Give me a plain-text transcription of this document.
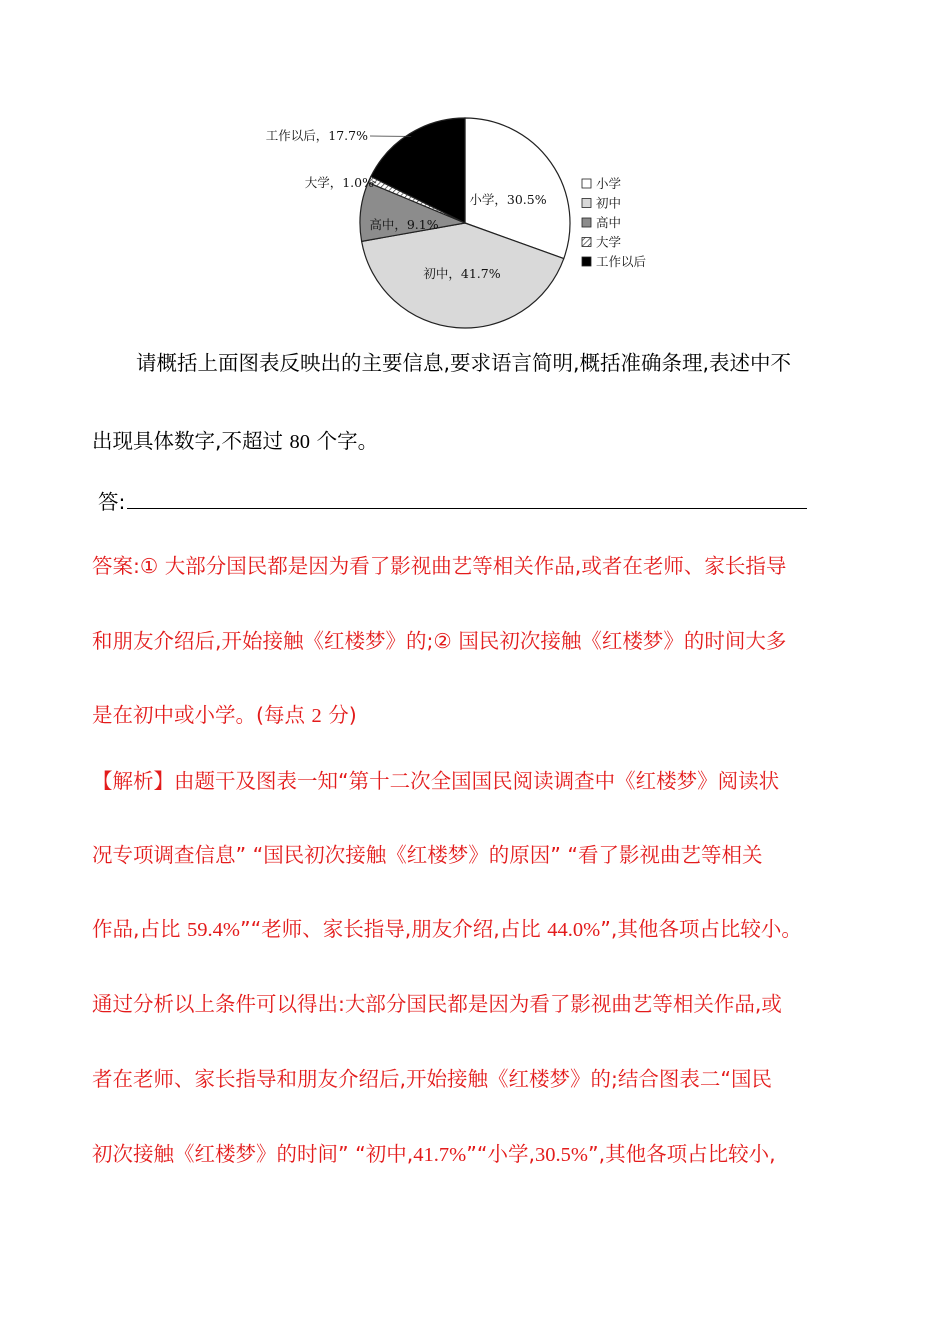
小学，30.5%
初中，41.7%
高中，9.1%
大学，1.0%
工作以后，17.7%
小学
初中
高中
大学
工作以后
请概括上面图表反映出的主要信息,要求语言简明,概括准确条理,表述中不
出现具体数字,不超过 80 个字。
答:
答案:① 大部分国民都是因为看了影视曲艺等相关作品,或者在老师、家长指导
和朋友介绍后,开始接触《红楼梦》的;② 国民初次接触《红楼梦》的时间大多
是在初中或小学。(每点 2 分)
【解析】由题干及图表一知“第十二次全国国民阅读调查中《红楼梦》阅读状
况专项调查信息” “国民初次接触《红楼梦》的原因” “看了影视曲艺等相关
作品,占比 59.4%”“老师、家长指导,朋友介绍,占比 44.0%”,其他各项占比较小。
通过分析以上条件可以得出:大部分国民都是因为看了影视曲艺等相关作品,或
者在老师、家长指导和朋友介绍后,开始接触《红楼梦》的;结合图表二“国民
初次接触《红楼梦》的时间” “初中,41.7%”“小学,30.5%”,其他各项占比较小,
